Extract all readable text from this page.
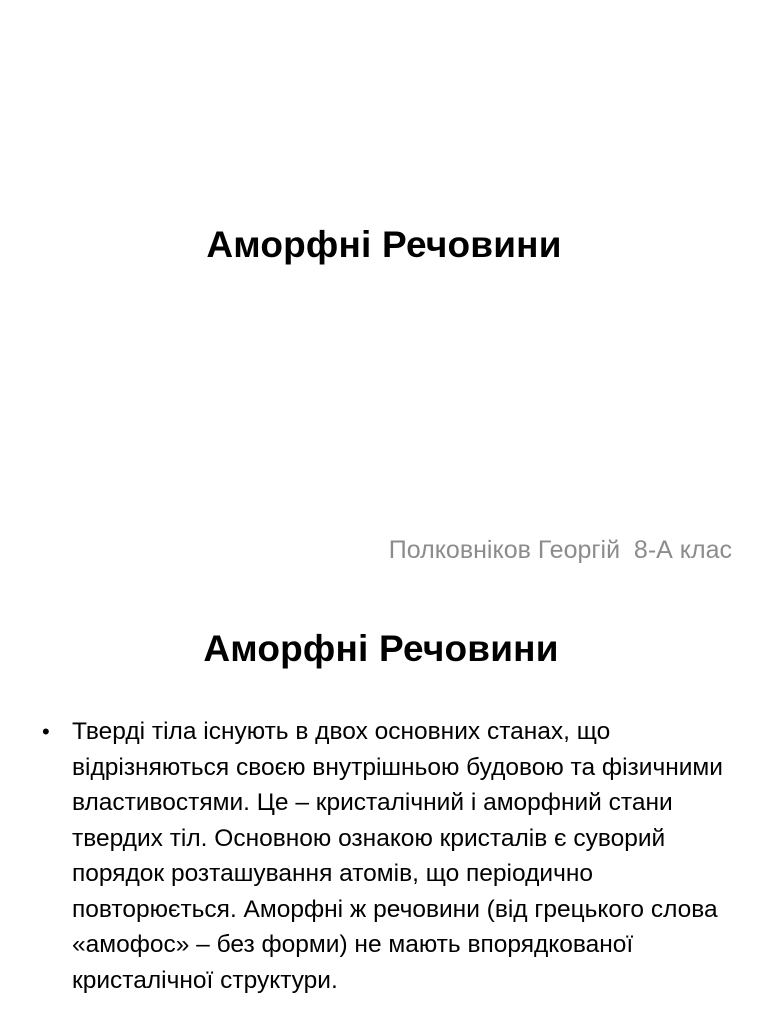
Аморфні Речовини
Полковніков Георгій  8-А клас
Аморфні Речовини
• Тверді тіла існують в двох основних станах, що відрізняються своєю внутрішньою будовою та фізичними властивостями. Це – кристалічний і аморфний стани твердих тіл. Основною ознакою кристалів є суворий порядок розташування атомів, що періодично повторюється. Аморфні ж речовини (від грецького слова «амофос» – без форми) не мають впорядкованої кристалічної структури.
